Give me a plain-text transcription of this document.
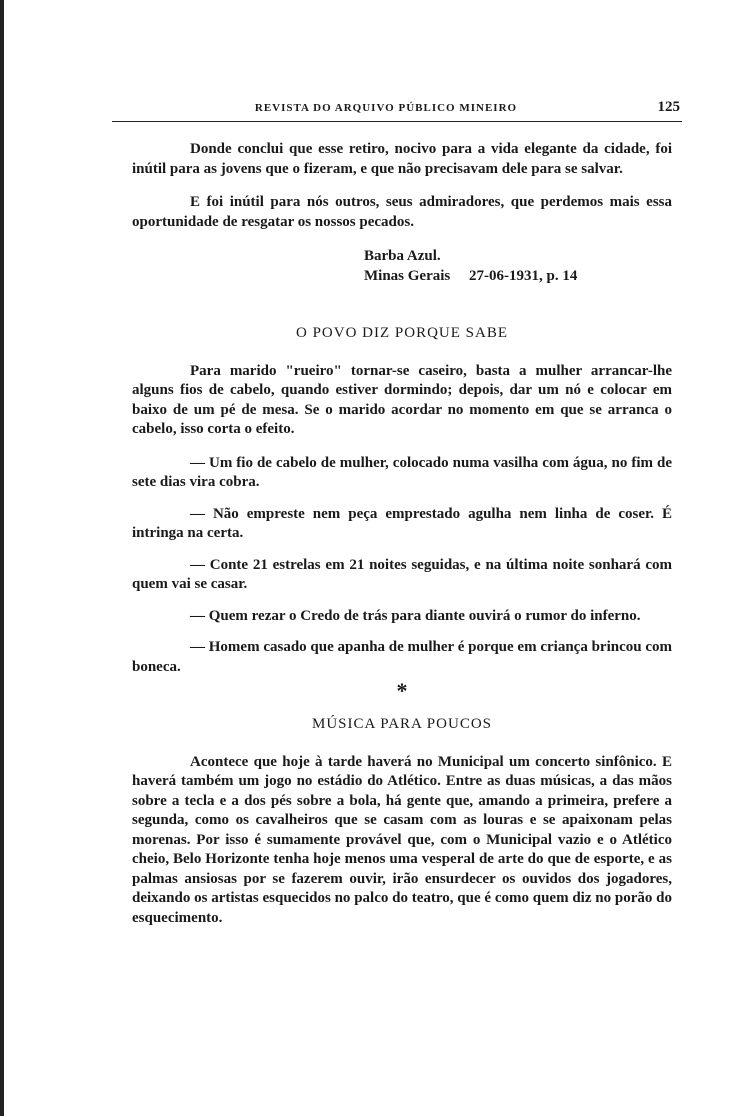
REVISTA DO ARQUIVO PÚBLICO MINEIRO	125

Donde conclui que esse retiro, nocivo para a vida elegante da cidade, foi inútil para as jovens que o fizeram, e que não precisavam dele para se salvar.

E foi inútil para nós outros, seus admiradores, que perdemos mais essa oportunidade de resgatar os nossos pecados.

Barba Azul.
Minas Gerais 27-06-1931, p. 14

O POVO DIZ PORQUE SABE

Para marido "rueiro" tornar-se caseiro, basta a mulher arrancar-lhe alguns fios de cabelo, quando estiver dormindo; depois, dar um nó e colocar em baixo de um pé de mesa. Se o marido acordar no momento em que se arranca o cabelo, isso corta o efeito.

— Um fio de cabelo de mulher, colocado numa vasilha com água, no fim de sete dias vira cobra.

— Não empreste nem peça emprestado agulha nem linha de coser. É intringa na certa.

— Conte 21 estrelas em 21 noites seguidas, e na última noite sonhará com quem vai se casar.

— Quem rezar o Credo de trás para diante ouvirá o rumor do inferno.

— Homem casado que apanha de mulher é porque em criança brincou com boneca.

*

MÚSICA PARA POUCOS

Acontece que hoje à tarde haverá no Municipal um concerto sinfônico. E haverá também um jogo no estádio do Atlético. Entre as duas músicas, a das mãos sobre a tecla e a dos pés sobre a bola, há gente que, amando a primeira, prefere a segunda, como os cavalheiros que se casam com as louras e se apaixonam pelas morenas. Por isso é sumamente provável que, com o Municipal vazio e o Atlético cheio, Belo Horizonte tenha hoje menos uma vesperal de arte do que de esporte, e as palmas ansiosas por se fazerem ouvir, irão ensurdecer os ouvidos dos jogadores, deixando os artistas esquecidos no palco do teatro, que é como quem diz no porão do esquecimento.
